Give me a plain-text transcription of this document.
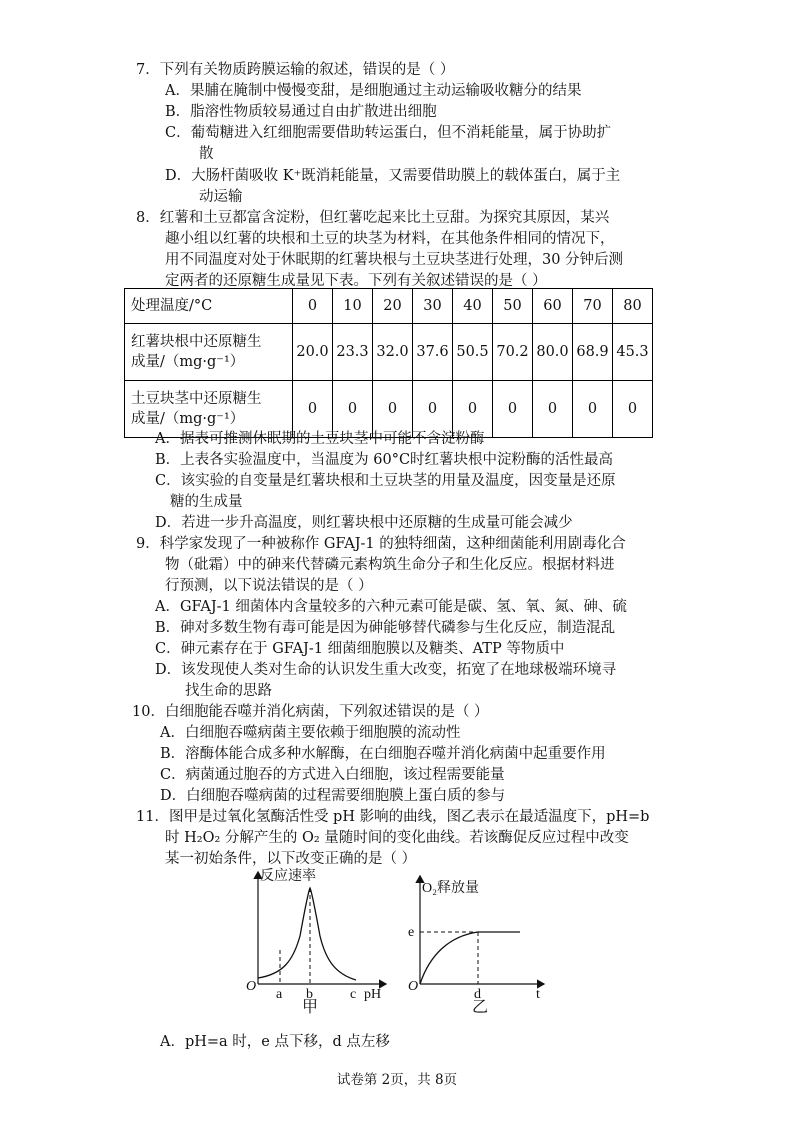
7．下列有关物质跨膜运输的叙述，错误的是（ ）
A．果脯在腌制中慢慢变甜，是细胞通过主动运输吸收糖分的结果
B．脂溶性物质较易通过自由扩散进出细胞
C．葡萄糖进入红细胞需要借助转运蛋白，但不消耗能量，属于协助扩
散
D．大肠杆菌吸收 K⁺既消耗能量，又需要借助膜上的载体蛋白，属于主
动运输
8．红薯和土豆都富含淀粉，但红薯吃起来比土豆甜。为探究其原因，某兴
趣小组以红薯的块根和土豆的块茎为材料，在其他条件相同的情况下，
用不同温度对处于休眠期的红薯块根与土豆块茎进行处理，30 分钟后测
定两者的还原糖生成量见下表。下列有关叙述错误的是（ ）
处理温度/°C	0	10	20	30	40	50	60	70	80
红薯块根中还原糖生
成量/（mg·g⁻¹）	20.0	23.3	32.0	37.6	50.5	70.2	80.0	68.9	45.3
土豆块茎中还原糖生
成量/（mg·g⁻¹）	0	0	0	0	0	0	0	0	0
A．据表可推测休眠期的土豆块茎中可能不含淀粉酶
B．上表各实验温度中，当温度为 60°C时红薯块根中淀粉酶的活性最高
C．该实验的自变量是红薯块根和土豆块茎的用量及温度，因变量是还原
糖的生成量
D．若进一步升高温度，则红薯块根中还原糖的生成量可能会减少
9．科学家发现了一种被称作 GFAJ-1 的独特细菌，这种细菌能利用剧毒化合
物（砒霜）中的砷来代替磷元素构筑生命分子和生化反应。根据材料进
行预测，以下说法错误的是（ ）
A．GFAJ-1 细菌体内含量较多的六种元素可能是碳、氢、氧、氮、砷、硫
B．砷对多数生物有毒可能是因为砷能够替代磷参与生化反应，制造混乱
C．砷元素存在于 GFAJ-1 细菌细胞膜以及糖类、ATP 等物质中
D．该发现使人类对生命的认识发生重大改变，拓宽了在地球极端环境寻
找生命的思路
10．白细胞能吞噬并消化病菌，下列叙述错误的是（ ）
A．白细胞吞噬病菌主要依赖于细胞膜的流动性
B．溶酶体能合成多种水解酶，在白细胞吞噬并消化病菌中起重要作用
C．病菌通过胞吞的方式进入白细胞，该过程需要能量
D．白细胞吞噬病菌的过程需要细胞膜上蛋白质的参与
11．图甲是过氧化氢酶活性受 pH 影响的曲线，图乙表示在最适温度下，pH=b
时 H₂O₂ 分解产生的 O₂ 量随时间的变化曲线。若该酶促反应过程中改变
某一初始条件，以下改变正确的是（ ）
反应速率
O
a b	c pH
甲
O₂释放量
e
O
d	t
乙
A．pH=a 时，e 点下移，d 点左移
试卷第 2页，共 8页
